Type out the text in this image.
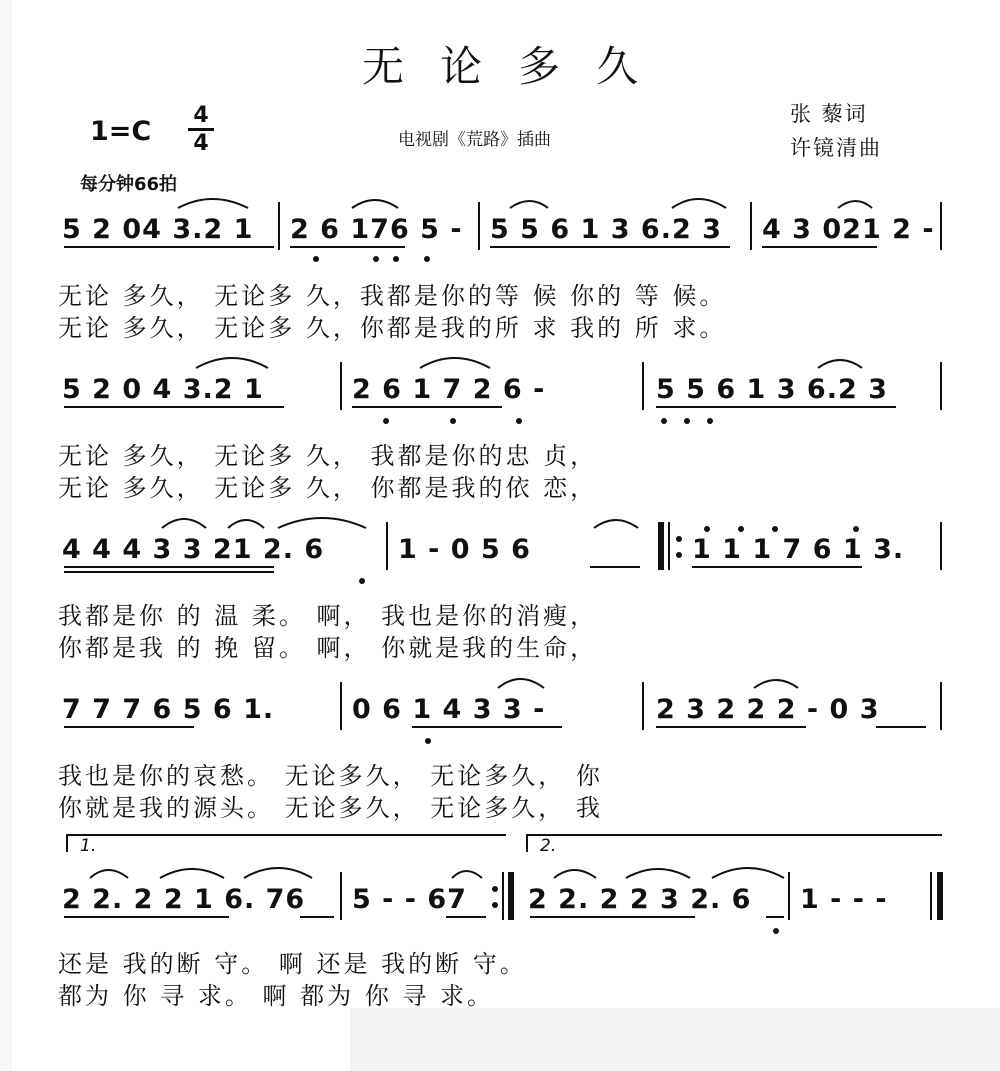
无论多久
1=C
4
4	电视剧《荒路》插曲
张 藜词
许镜清曲
每分钟66拍
5 2 04 3.2 1 2 6 176 5 - 5 5 6 1 3 6.2 3 4 3 021 2 -
无论 多久， 无论多 久，我都是你的等 候 你的 等 候。
无论 多久， 无论多 久，你都是我的所 求 我的 所 求。
5 2 0 4 3.2 1	2 6 1 7 2 6 -	5 5 6 1 3 6.2 3
无论 多久， 无论多 久， 我都是你的忠 贞，
无论 多久， 无论多 久， 你都是我的依 恋，
4 4 4 3 3 21 2. 6	1 - 0 5 6	1 1 1 7 6 1 3.
我都是你 的 温 柔。 啊， 我也是你的消瘦，
你都是我 的 挽 留。 啊， 你就是我的生命，
7 7 7 6 5 6 1.	0 6 1 4 3 3 -	2 3 2 2 2 - 0 3
我也是你的哀愁。 无论多久， 无论多久， 你
你就是我的源头。 无论多久， 无论多久， 我
1.	2.
2 2. 2 2 1 6. 76 5 - - 67 2 2. 2 2 3 2. 6 1 - - -
还是 我的断 守。 啊 还是 我的断 守。
都为 你 寻 求。 啊 都为 你 寻 求。
